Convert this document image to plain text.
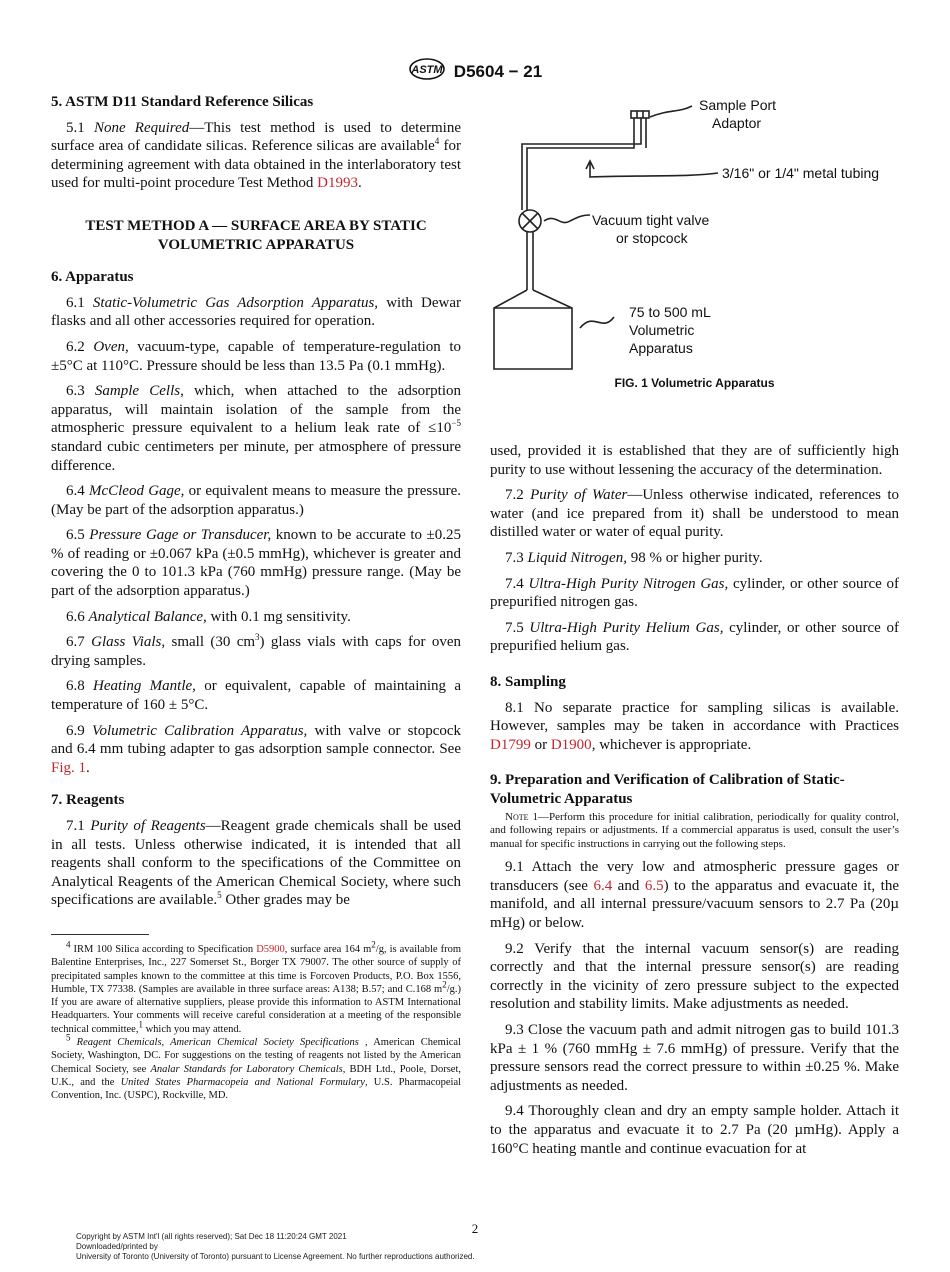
ASTM D5604 − 21
5. ASTM D11 Standard Reference Silicas

5.1 None Required—This test method is used to determine surface area of candidate silicas. Reference silicas are available$^4$ for determining agreement with data obtained in the interlaboratory test used for multi-point procedure Test Method D1993.

TEST METHOD A — SURFACE AREA BY STATIC VOLUMETRIC APPARATUS

6. Apparatus

6.1 Static-Volumetric Gas Adsorption Apparatus, with Dewar flasks and all other accessories required for operation.

6.2 Oven, vacuum-type, capable of temperature-regulation to ±5°C at 110°C. Pressure should be less than 13.5 Pa (0.1 mmHg).

6.3 Sample Cells, which, when attached to the adsorption apparatus, will maintain isolation of the sample from the atmospheric pressure equivalent to a helium leak rate of $\le 10^{-5}$ standard cubic centimeters per minute, per atmosphere of pressure difference.

6.4 McCleod Gage, or equivalent means to measure the pressure. (May be part of the adsorption apparatus.)

6.5 Pressure Gage or Transducer, known to be accurate to ±0.25 % of reading or ±0.067 kPa (±0.5 mmHg), whichever is greater and covering the 0 to 101.3 kPa (760 mmHg) pressure range. (May be part of the adsorption apparatus.)

6.6 Analytical Balance, with 0.1 mg sensitivity.

6.7 Glass Vials, small (30 $cm^3$) glass vials with caps for oven drying samples.

6.8 Heating Mantle, or equivalent, capable of maintaining a temperature of 160 ± 5°C.

6.9 Volumetric Calibration Apparatus, with valve or stopcock and 6.4 mm tubing adapter to gas adsorption sample connector. See Fig. 1.

7. Reagents

7.1 Purity of Reagents—Reagent grade chemicals shall be used in all tests. Unless otherwise indicated, it is intended that all reagents shall conform to the specifications of the Committee on Analytical Reagents of the American Chemical Society, where such specifications are available.$^5$ Other grades may be

$^4$ IRM 100 Silica according to Specification D5900, surface area 164 $m^2/g$, is available from Balentine Enterprises, Inc., 227 Somerset St., Borger TX 79007. The other source of supply of precipitated samples known to the committee at this time is Forcoven Products, P.O. Box 1556, Humble, TX 77338. (Samples are available in three surface areas: A138; B.57; and C.168 $m^2/g$.) If you are aware of alternative suppliers, please provide this information to ASTM International Headquarters. Your comments will receive careful consideration at a meeting of the responsible technical committee,$^1$ which you may attend.

$^5$ Reagent Chemicals, American Chemical Society Specifications , American Chemical Society, Washington, DC. For suggestions on the testing of reagents not listed by the American Chemical Society, see Analar Standards for Laboratory Chemicals, BDH Ltd., Poole, Dorset, U.K., and the United States Pharmacopeia and National Formulary, U.S. Pharmacopeial Convention, Inc. (USPC), Rockville, MD.

Sample Port
Adaptor
3/16" or 1/4" metal tubing
Vacuum tight valve
or stopcock
75 to 500 mL
Volumetric
Apparatus
FIG. 1 Volumetric Apparatus

used, provided it is established that they are of sufficiently high purity to use without lessening the accuracy of the determination.

7.2 Purity of Water—Unless otherwise indicated, references to water (and ice prepared from it) shall be understood to mean distilled water or water of equal purity.

7.3 Liquid Nitrogen, 98 % or higher purity.

7.4 Ultra-High Purity Nitrogen Gas, cylinder, or other source of prepurified nitrogen gas.

7.5 Ultra-High Purity Helium Gas, cylinder, or other source of prepurified helium gas.

8. Sampling

8.1 No separate practice for sampling silicas is available. However, samples may be taken in accordance with Practices D1799 or D1900, whichever is appropriate.

9. Preparation and Verification of Calibration of Static-Volumetric Apparatus

Note 1—Perform this procedure for initial calibration, periodically for quality control, and following repairs or adjustments. If a commercial apparatus is used, consult the user’s manual for specific instructions in carrying out the following steps.

9.1 Attach the very low and atmospheric pressure gages or transducers (see 6.4 and 6.5) to the apparatus and evacuate it, the manifold, and all internal pressure/vacuum sensors to 2.7 Pa (20µ mHg) or below.

9.2 Verify that the internal vacuum sensor(s) are reading correctly and that the internal pressure sensor(s) are reading correctly in the vicinity of zero pressure subject to the expected resolution and stability limits. Make adjustments as needed.

9.3 Close the vacuum path and admit nitrogen gas to build 101.3 kPa ± 1 % (760 mmHg ± 7.6 mmHg) of pressure. Verify that the pressure sensors read the correct pressure to within ±0.25 %. Make adjustments as needed.

9.4 Thoroughly clean and dry an empty sample holder. Attach it to the apparatus and evacuate it to 2.7 Pa (20 µmHg). Apply a 160°C heating mantle and continue evacuation for at

2
Copyright by ASTM Int'l (all rights reserved); Sat Dec 18 11:20:24 GMT 2021
Downloaded/printed by
University of Toronto (University of Toronto) pursuant to License Agreement. No further reproductions authorized.
